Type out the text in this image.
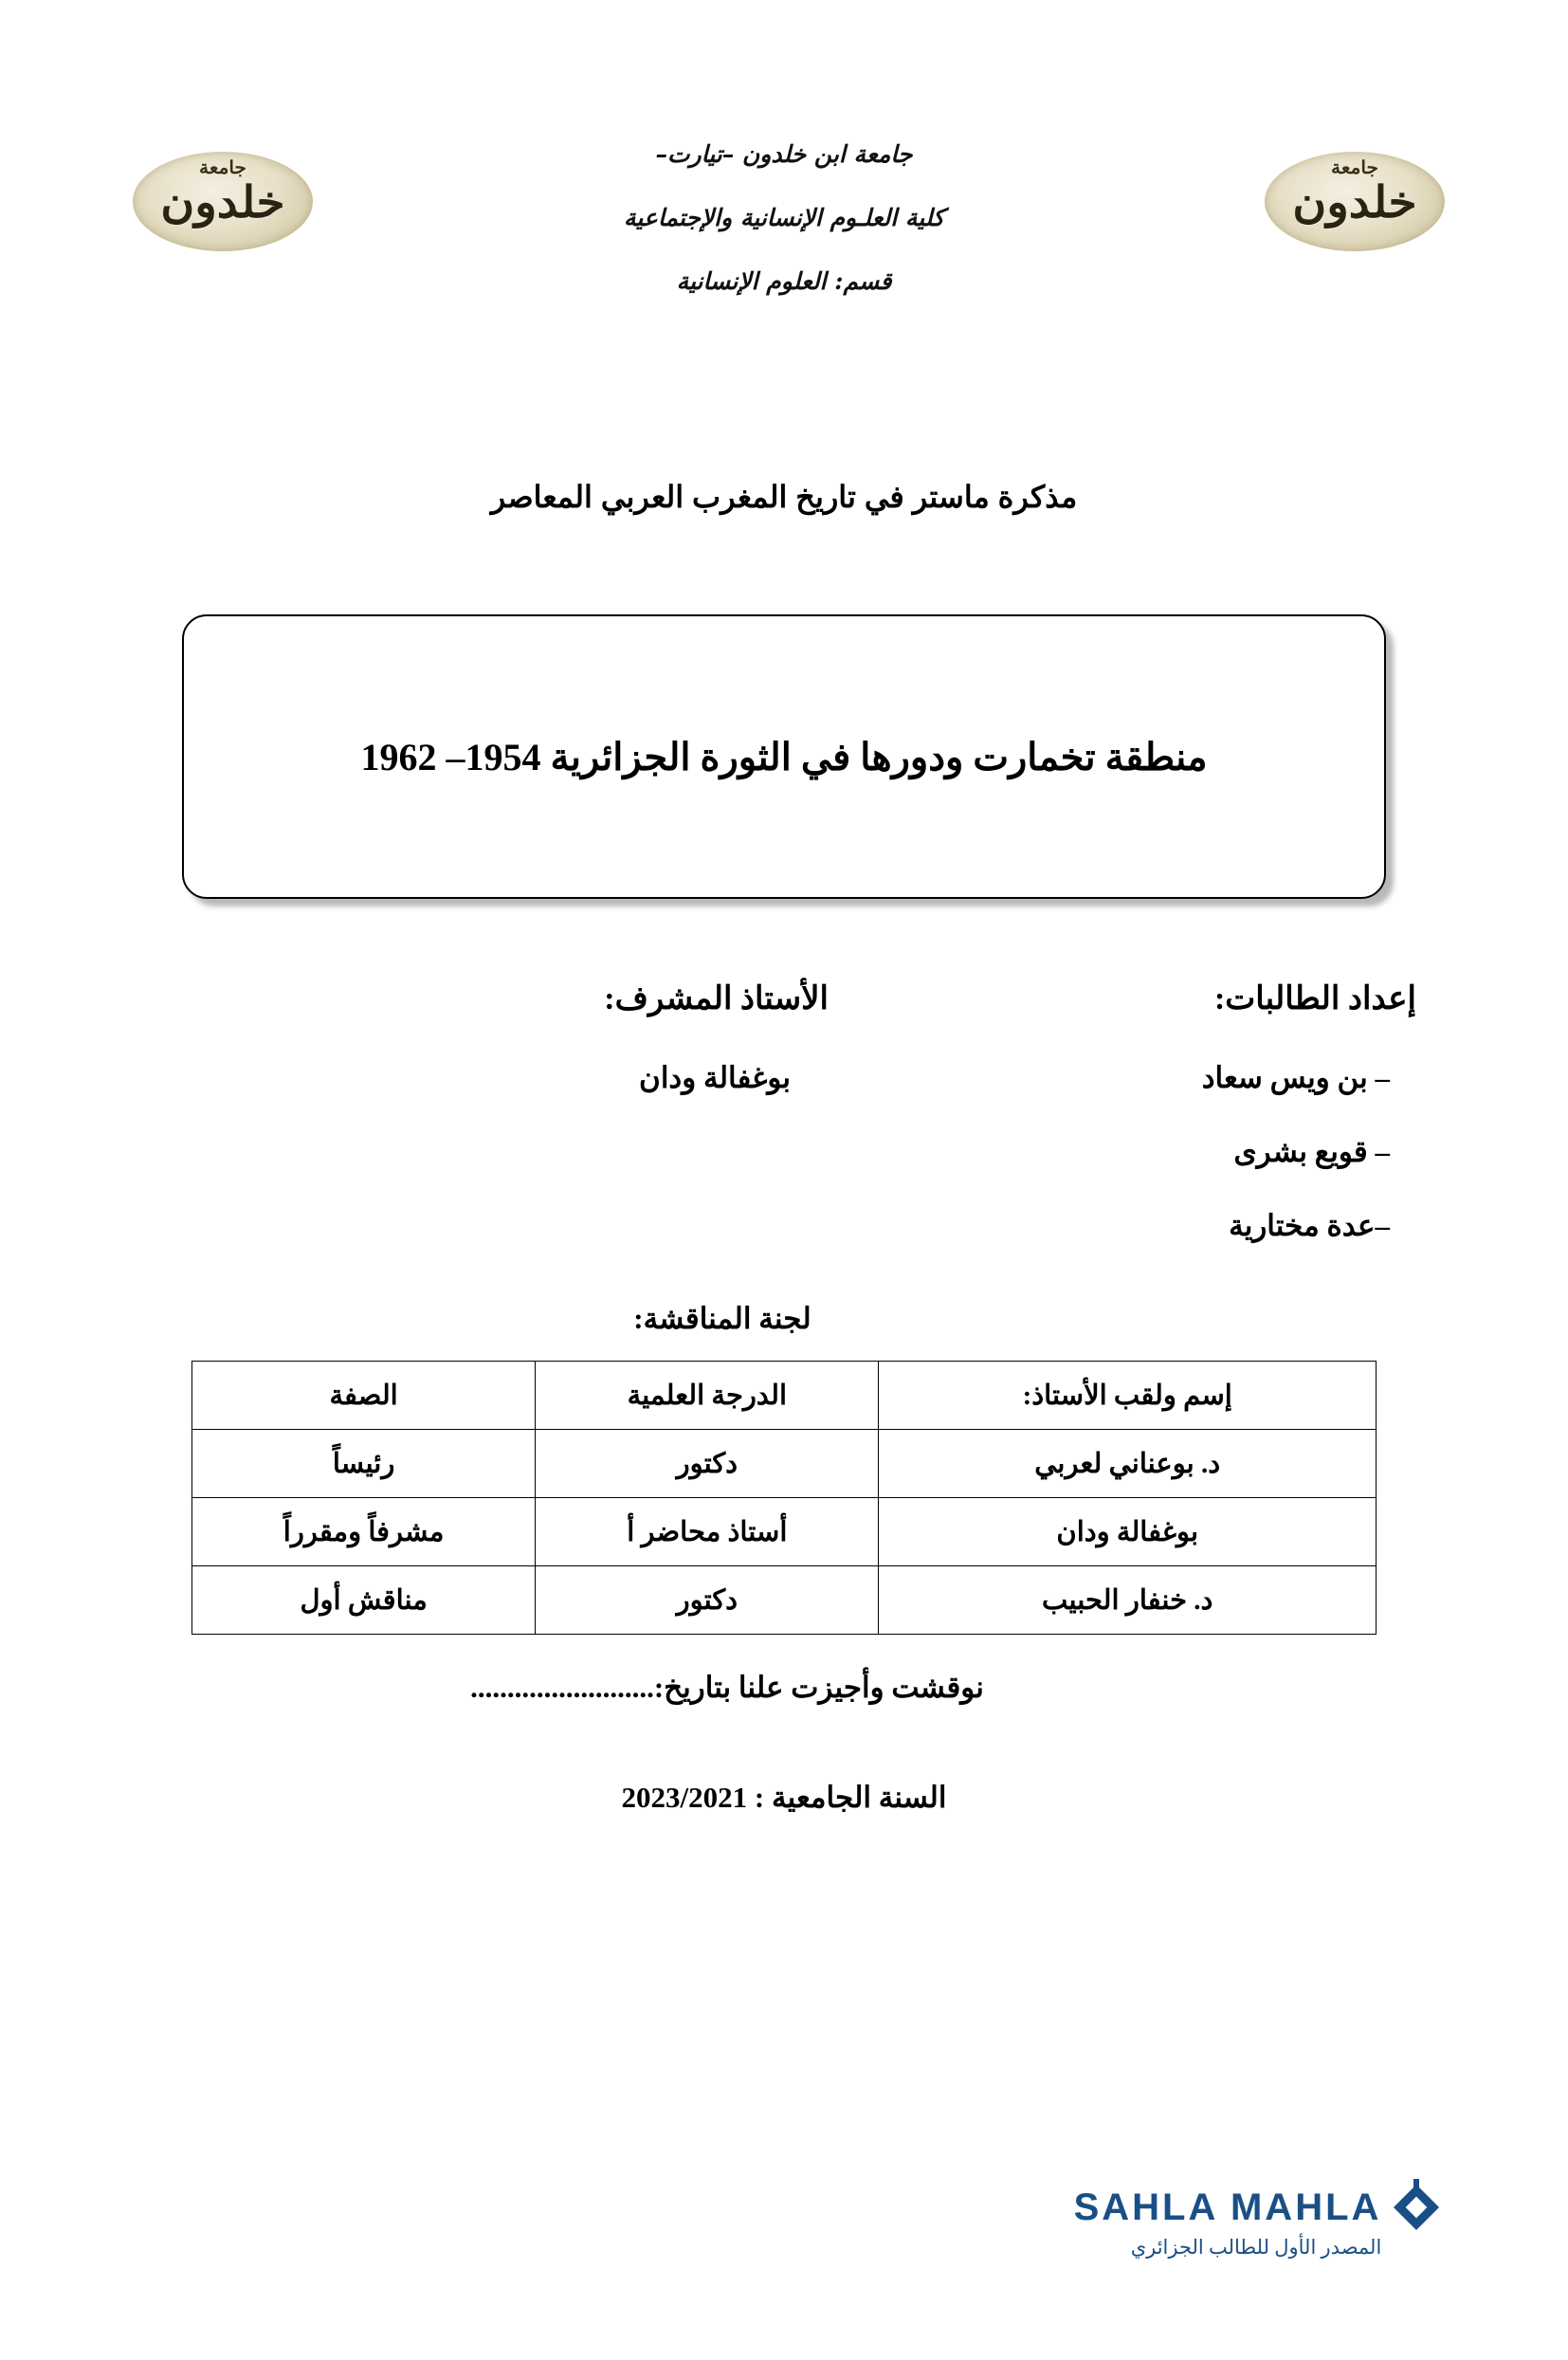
جامعة
خلدون
جامعة
خلدون
جامعة ابن خلدون –تيارت–
كلية العلـوم الإنسانية والإجتماعية
قسم: العلوم الإنسانية
مذكرة ماستر في تاريخ المغرب العربي المعاصر
منطقة تخمارت ودورها في الثورة الجزائرية 1954– 1962
إعداد الطالبات:
– بن ويس سعاد
– قويع بشرى
–عدة مختارية
الأستاذ المشرف:
بوغفالة ودان
لجنة المناقشة:
إسم ولقب الأستاذ:	الدرجة العلمية	الصفة
د. بوعناني لعربي	دكتور	رئيساً
بوغفالة ودان	أستاذ محاضر أ	مشرفاً ومقرراً
د. خنفار الحبيب	دكتور	مناقش أول
نوقشت وأجيزت علنا بتاريخ:.........................
السنة الجامعية : 2023/2021
SAHLA MAHLA
المصدر الأول للطالب الجزائري
